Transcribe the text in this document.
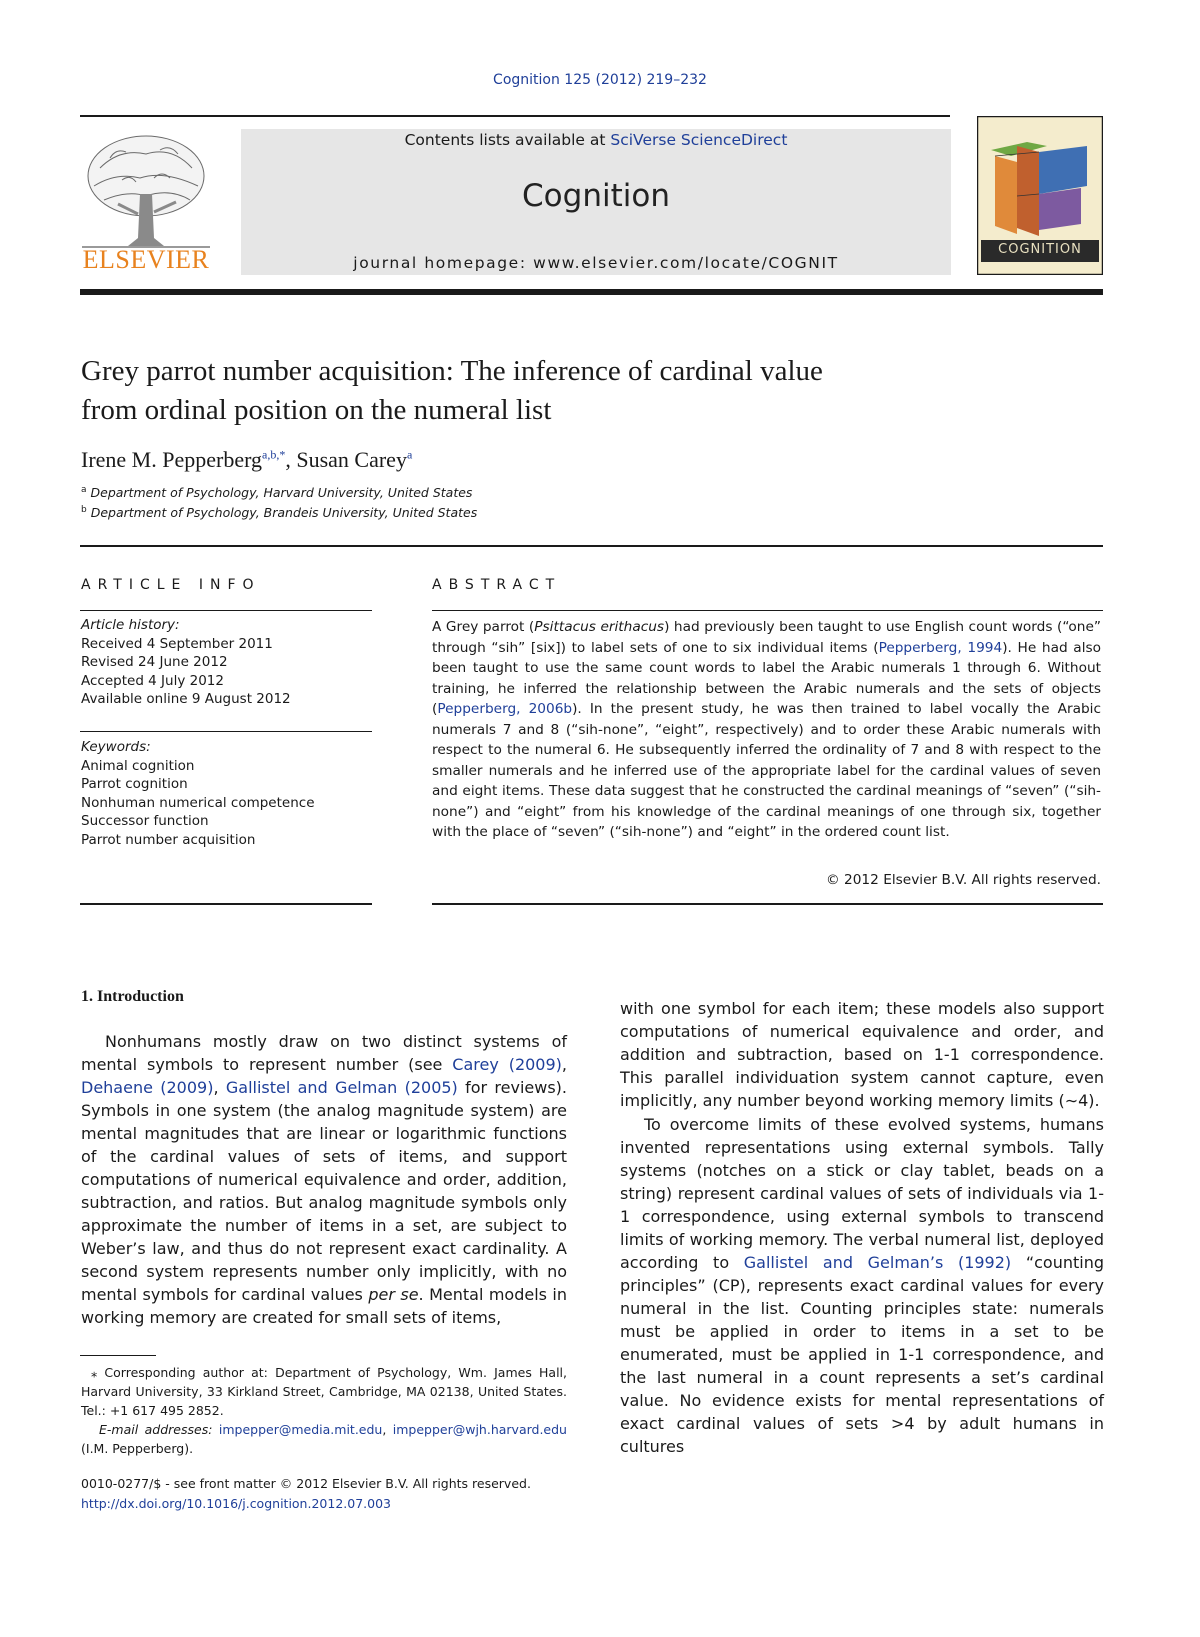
Cognition 125 (2012) 219–232
ELSEVIER
Contents lists available at SciVerse ScienceDirect
Cognition
journal homepage: www.elsevier.com/locate/COGNIT
COGNITION
Grey parrot number acquisition: The inference of cardinal value
from ordinal position on the numeral list
Irene M. Pepperberg$^{a,b,*}$, Susan Carey$^a$
$^a$ Department of Psychology, Harvard University, United States
$^b$ Department of Psychology, Brandeis University, United States
ARTICLE INFO
Article history:
Received 4 September 2011
Revised 24 June 2012
Accepted 4 July 2012
Available online 9 August 2012
Keywords:
Animal cognition
Parrot cognition
Nonhuman numerical competence
Successor function
Parrot number acquisition
ABSTRACT

A Grey parrot (Psittacus erithacus) had previously been taught to use English count words (“one” through “sih” [six]) to label sets of one to six individual items (Pepperberg, 1994). He had also been taught to use the same count words to label the Arabic numerals 1 through 6. Without training, he inferred the relationship between the Arabic numerals and the sets of objects (Pepperberg, 2006b). In the present study, he was then trained to label vocally the Arabic numerals 7 and 8 (“sih-none”, “eight”, respectively) and to order these Arabic numerals with respect to the numeral 6. He subsequently inferred the ordinality of 7 and 8 with respect to the smaller numerals and he inferred use of the appropriate label for the cardinal values of seven and eight items. These data suggest that he constructed the cardinal meanings of “seven” (“sih-none”) and “eight” from his knowledge of the cardinal meanings of one through six, together with the place of “seven” (“sih-none”) and “eight” in the ordered count list.

© 2012 Elsevier B.V. All rights reserved.
1. Introduction

Nonhumans mostly draw on two distinct systems of mental symbols to represent number (see Carey (2009), Dehaene (2009), Gallistel and Gelman (2005) for reviews). Symbols in one system (the analog magnitude system) are mental magnitudes that are linear or logarithmic functions of the cardinal values of sets of items, and support computations of numerical equivalence and order, addition, subtraction, and ratios. But analog magnitude symbols only approximate the number of items in a set, are subject to Weber’s law, and thus do not represent exact cardinality. A second system represents number only implicitly, with no mental symbols for cardinal values per se. Mental models in working memory are created for small sets of items,

with one symbol for each item; these models also support computations of numerical equivalence and order, and addition and subtraction, based on 1-1 correspondence. This parallel individuation system cannot capture, even implicitly, any number beyond working memory limits (∼4).

To overcome limits of these evolved systems, humans invented representations using external symbols. Tally systems (notches on a stick or clay tablet, beads on a string) represent cardinal values of sets of individuals via 1-1 correspondence, using external symbols to transcend limits of working memory. The verbal numeral list, deployed according to Gallistel and Gelman’s (1992) “counting principles” (CP), represents exact cardinal values for every numeral in the list. Counting principles state: numerals must be applied in order to items in a set to be enumerated, must be applied in 1-1 correspondence, and the last numeral in a count represents a set’s cardinal value. No evidence exists for mental representations of exact cardinal values of sets >4 by adult humans in cultures

⁎ Corresponding author at: Department of Psychology, Wm. James Hall, Harvard University, 33 Kirkland Street, Cambridge, MA 02138, United States. Tel.: +1 617 495 2852.

E-mail addresses: impepper@media.mit.edu, impepper@wjh.harvard.edu (I.M. Pepperberg).

0010-0277/$ - see front matter © 2012 Elsevier B.V. All rights reserved.
http://dx.doi.org/10.1016/j.cognition.2012.07.003
